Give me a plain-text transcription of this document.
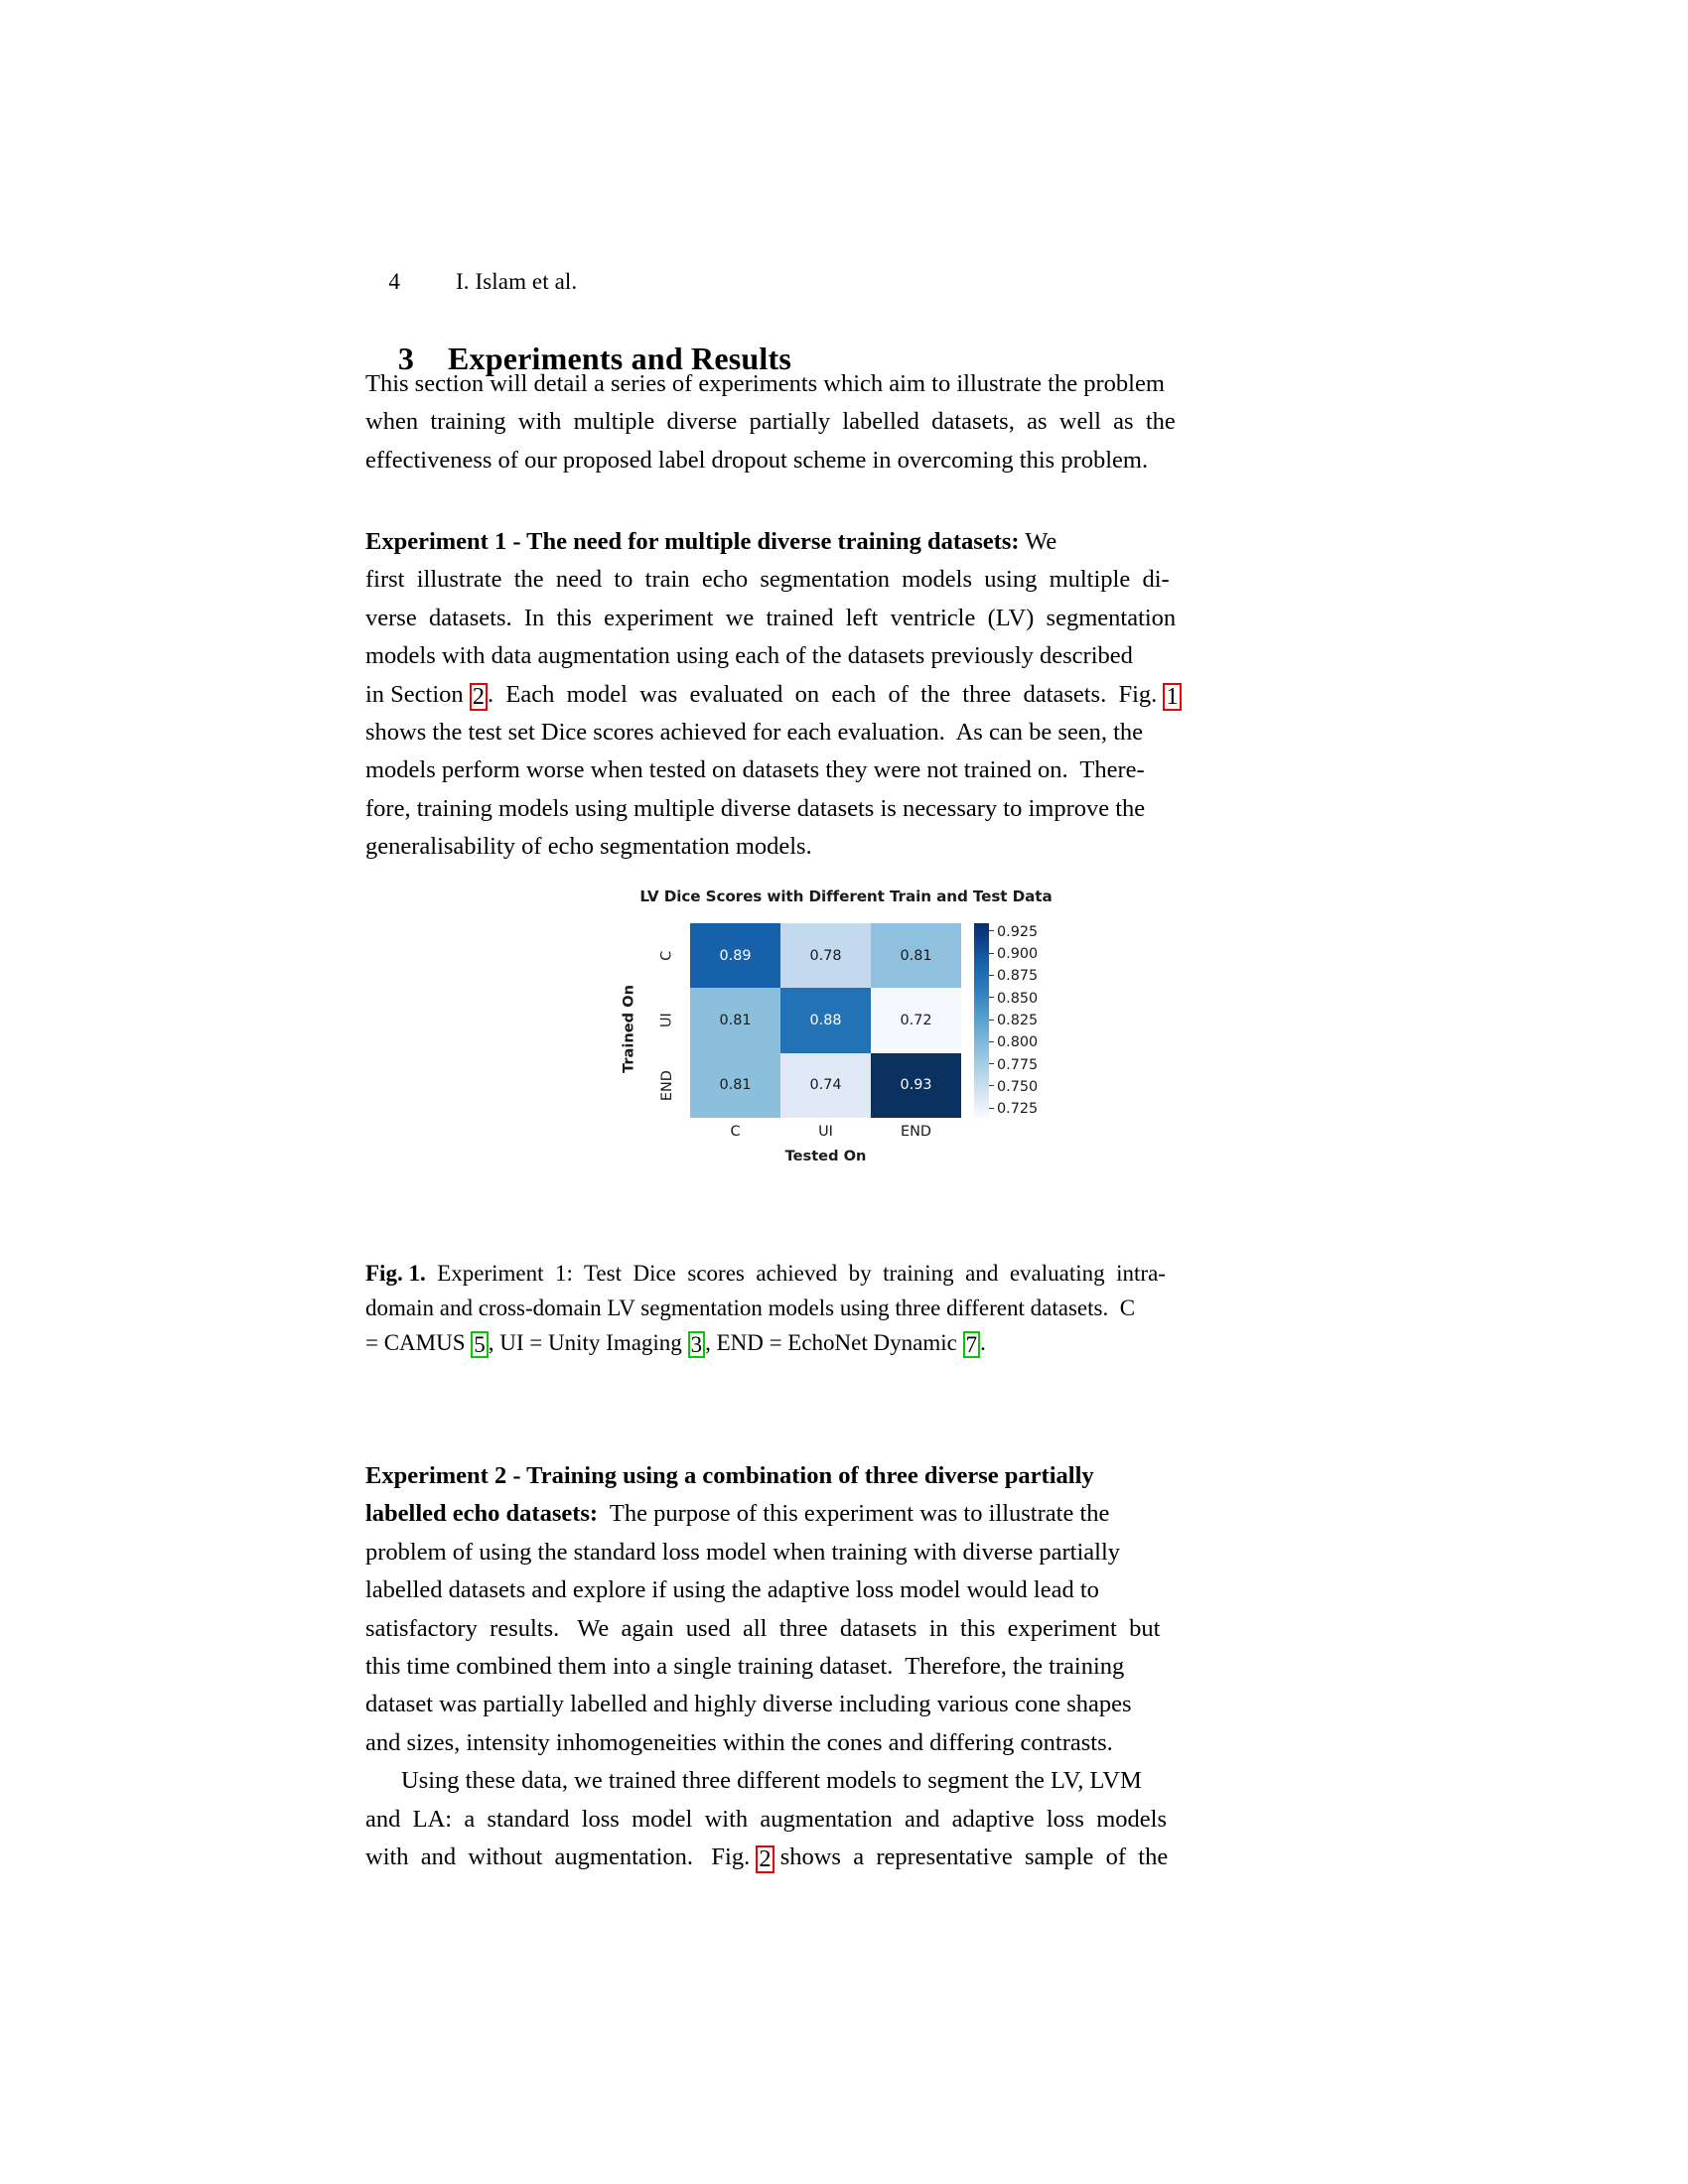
4 I. Islam et al.

3 Experiments and Results

This section will detail a series of experiments which aim to illustrate the problem
when  training  with  multiple  diverse  partially  labelled  datasets,  as  well  as  the
effectiveness of our proposed label dropout scheme in overcoming this problem.
Experiment 1 - The need for multiple diverse training datasets: We
first  illustrate  the  need  to  train  echo  segmentation  models  using  multiple  di-
verse  datasets.  In  this  experiment  we  trained  left  ventricle  (LV)  segmentation
models with data augmentation using each of the datasets previously described
in Section 2 .  Each  model  was  evaluated  on  each  of  the  three  datasets.  Fig. 1
shows the test set Dice scores achieved for each evaluation.  As can be seen, the
models perform worse when tested on datasets they were not trained on.  There-
fore, training models using multiple diverse datasets is necessary to improve the
generalisability of echo segmentation models.
LV Dice Scores with Different Train and Test Data
Trained On
C
UI
END
0.89	0.78	0.81
0.81	0.88	0.72
0.81	0.74	0.93
C	UI	END
Tested On
0.925
0.900
0.875
0.850
0.825
0.800
0.775
0.750
0.725
Fig. 1.  Experiment  1:  Test  Dice  scores  achieved  by  training  and  evaluating  intra-
domain and cross-domain LV segmentation models using three different datasets.  C
= CAMUS 5 , UI = Unity Imaging 3 , END = EchoNet Dynamic 7 .
Experiment 2 - Training using a combination of three diverse partially
labelled echo datasets:  The purpose of this experiment was to illustrate the
problem of using the standard loss model when training with diverse partially
labelled datasets and explore if using the adaptive loss model would lead to
satisfactory  results.   We  again  used  all  three  datasets  in  this  experiment  but
this time combined them into a single training dataset.  Therefore, the training
dataset was partially labelled and highly diverse including various cone shapes
and sizes, intensity inhomogeneities within the cones and differing contrasts.
Using these data, we trained three different models to segment the LV, LVM
and  LA:  a  standard  loss  model  with  augmentation  and  adaptive  loss  models
with  and  without  augmentation.   Fig. 2 shows  a  representative  sample  of  the
